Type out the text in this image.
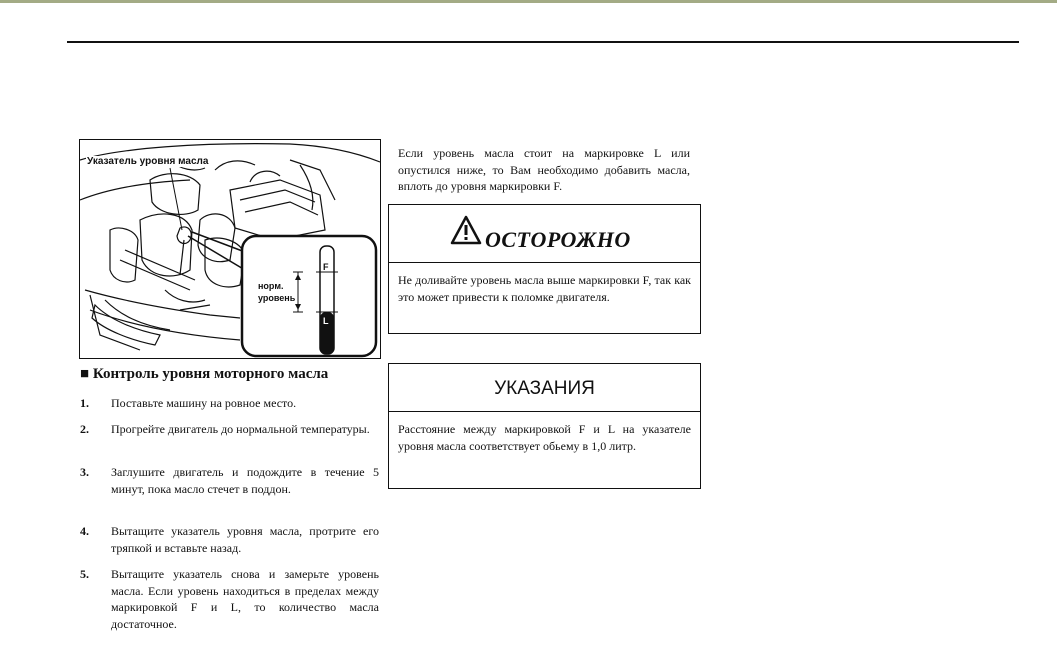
Указатель уровня масла
норм.
уровень
F
L
■ Контроль уровня моторного масла
1. Поставьте машину на ровное место.
2. Прогрейте двигатель до нормальной температуры.
3. Заглушите двигатель и подождите в течение 5 минут, пока масло стечет в поддон.
4. Вытащите указатель уровня масла, протрите его тряпкой и вставьте назад.
5. Вытащите указатель снова и замерьте уровень масла. Если уровень находиться в пределах между маркировкой F и L, то количество масла достаточное.
Если уровень масла стоит на маркировке L или опустился ниже, то Вам необходимо добавить масла, вплоть до уровня маркировки F.
ОСТОРОЖНО
Не доливайте уровень масла выше маркировки F, так как это может привести к поломке двигателя.
УКАЗАНИЯ
Расстояние между маркировкой F и L на указателе уровня масла соответствует обьему в 1,0 литр.
